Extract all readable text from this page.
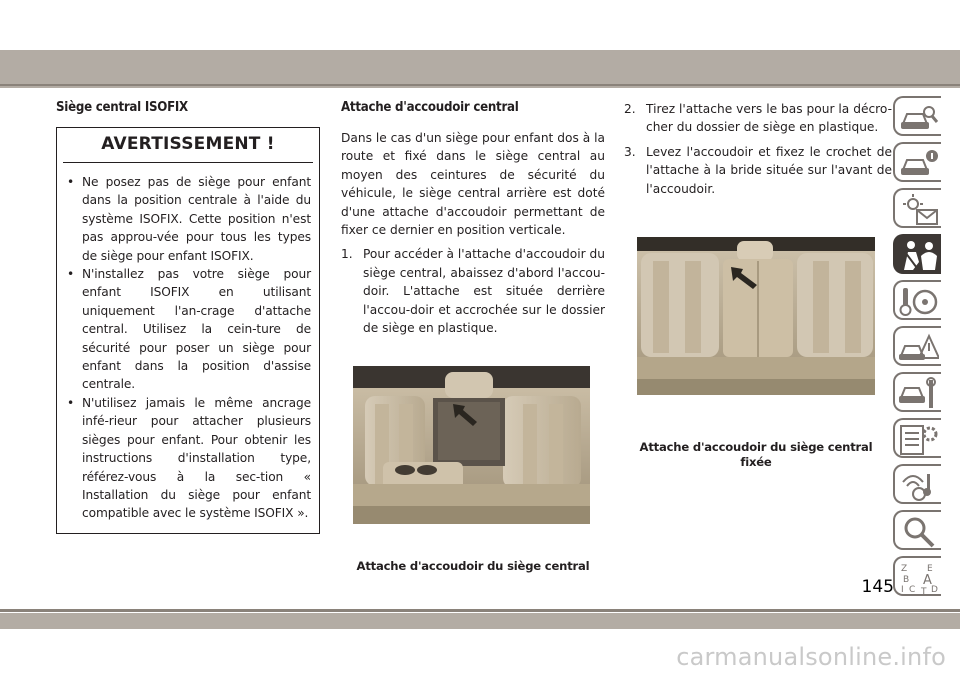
Siège central ISOFIX
AVERTISSEMENT !
• Ne posez pas de siège pour enfant dans la position centrale à l'aide du système ISOFIX. Cette position n'est pas approu-vée pour tous les types de siège pour enfant ISOFIX.
• N'installez pas votre siège pour enfant ISOFIX en utilisant uniquement l'an-crage d'attache central. Utilisez la cein-ture de sécurité pour poser un siège pour enfant dans la position d'assise centrale.
• N'utilisez jamais le même ancrage infé-rieur pour attacher plusieurs sièges pour enfant. Pour obtenir les instructions d'installation type, référez-vous à la sec-tion « Installation du siège pour enfant compatible avec le système ISOFIX ».
Attache d'accoudoir central

Dans le cas d'un siège pour enfant dos à la route et fixé dans le siège central au moyen des ceintures de sécurité du véhicule, le siège central arrière est doté d'une attache d'accoudoir permettant de fixer ce dernier en position verticale.

1. Pour accéder à l'attache d'accoudoir du siège central, abaissez d'abord l'accou-doir. L'attache est située derrière l'accou-doir et accrochée sur le dossier de siège en plastique.
2. Tirez l'attache vers le bas pour la décro-cher du dossier de siège en plastique.
3. Levez l'accoudoir et fixez le crochet de l'attache à la bride située sur l'avant de l'accoudoir.
Attache d'accoudoir du siège central
Attache d'accoudoir du siège central
fixée
Z E
B A
C D
I T
145
carmanualsonline.info
